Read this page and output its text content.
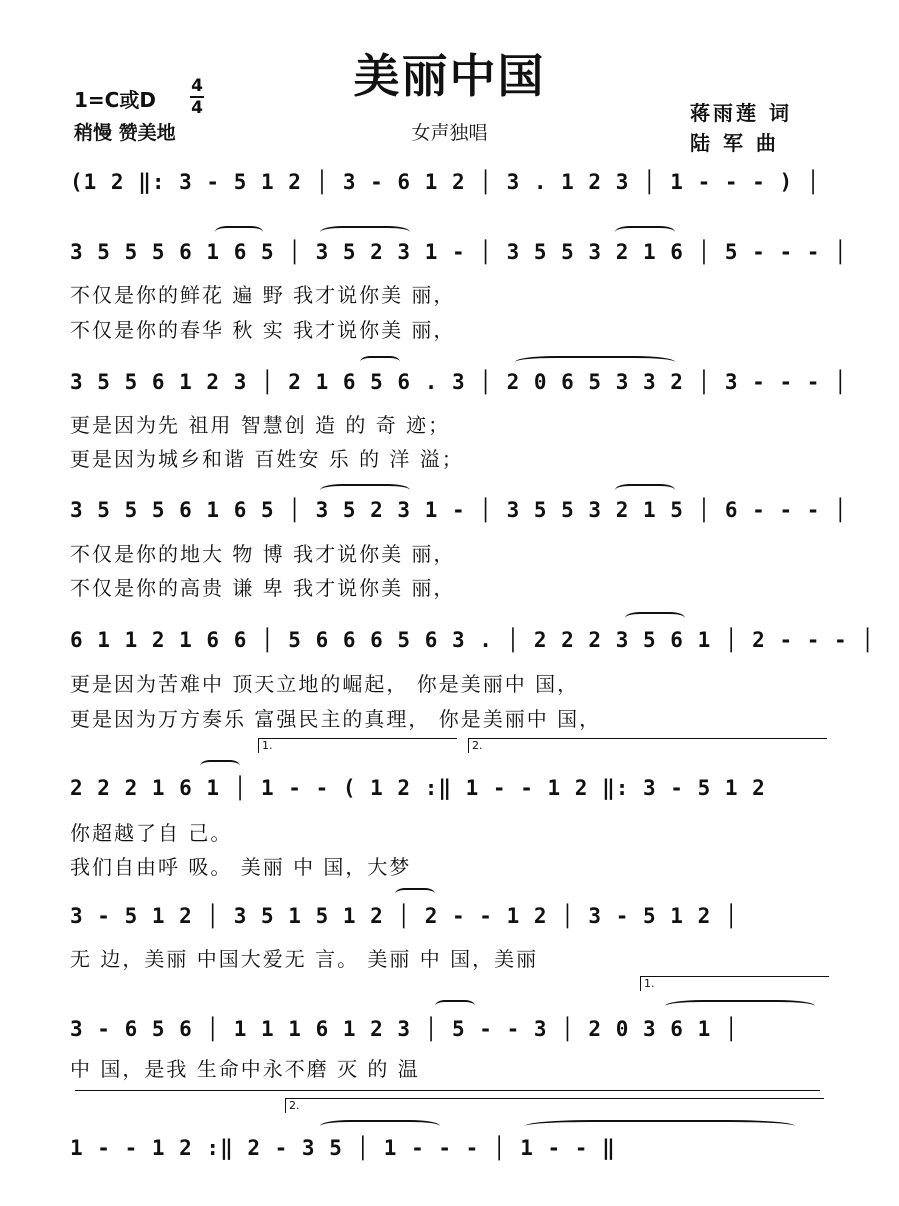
美丽中国
1=C或D
4
4
稍慢 赞美地	女声独唱
蒋雨莲 词
陆 军 曲
(1 2 ‖: 3 - 5 1 2 │ 3 - 6 1 2 │ 3 . 1 2 3 │ 1 - - - ) │
3 5 5 5 6 1 6 5 │ 3 5 2 3 1 - │ 3 5 5 3 2 1 6 │ 5 - - - │
不仅是你的鲜花 遍 野 我才说你美 丽，
不仅是你的春华 秋 实 我才说你美 丽，
3 5 5 6 1 2 3 │ 2 1 6 5 6 . 3 │ 2 0 6 5 3 3 2 │ 3 - - - │
更是因为先 祖用 智慧创 造 的 奇 迹；
更是因为城乡和谐 百姓安 乐 的 洋 溢；
3 5 5 5 6 1 6 5 │ 3 5 2 3 1 - │ 3 5 5 3 2 1 5 │ 6 - - - │
不仅是你的地大 物 博 我才说你美 丽，
不仅是你的高贵 谦 卑 我才说你美 丽，
6 1 1 2 1 6 6 │ 5 6 6 6 5 6 3 . │ 2 2 2 3 5 6 1 │ 2 - - - │
更是因为苦难中 顶天立地的崛起， 你是美丽中 国，
更是因为万方奏乐 富强民主的真理， 你是美丽中 国，
1.	2.
2 2 2 1 6 1 │ 1 - - ( 1 2 :‖ 1 - - 1 2 ‖: 3 - 5 1 2
你超越了自 己。
我们自由呼 吸。 美丽 中 国，大梦
3 - 5 1 2 │ 3 5 1 5 1 2 │ 2 - - 1 2 │ 3 - 5 1 2 │
无 边，美丽 中国大爱无 言。 美丽 中 国，美丽
1.
3 - 6 5 6 │ 1 1 1 6 1 2 3 │ 5 - - 3 │ 2 0 3 6 1 │
中 国，是我 生命中永不磨 灭 的 温
2.
1 - - 1 2 :‖ 2 - 3 5 │ 1 - - - │ 1 - - ‖
